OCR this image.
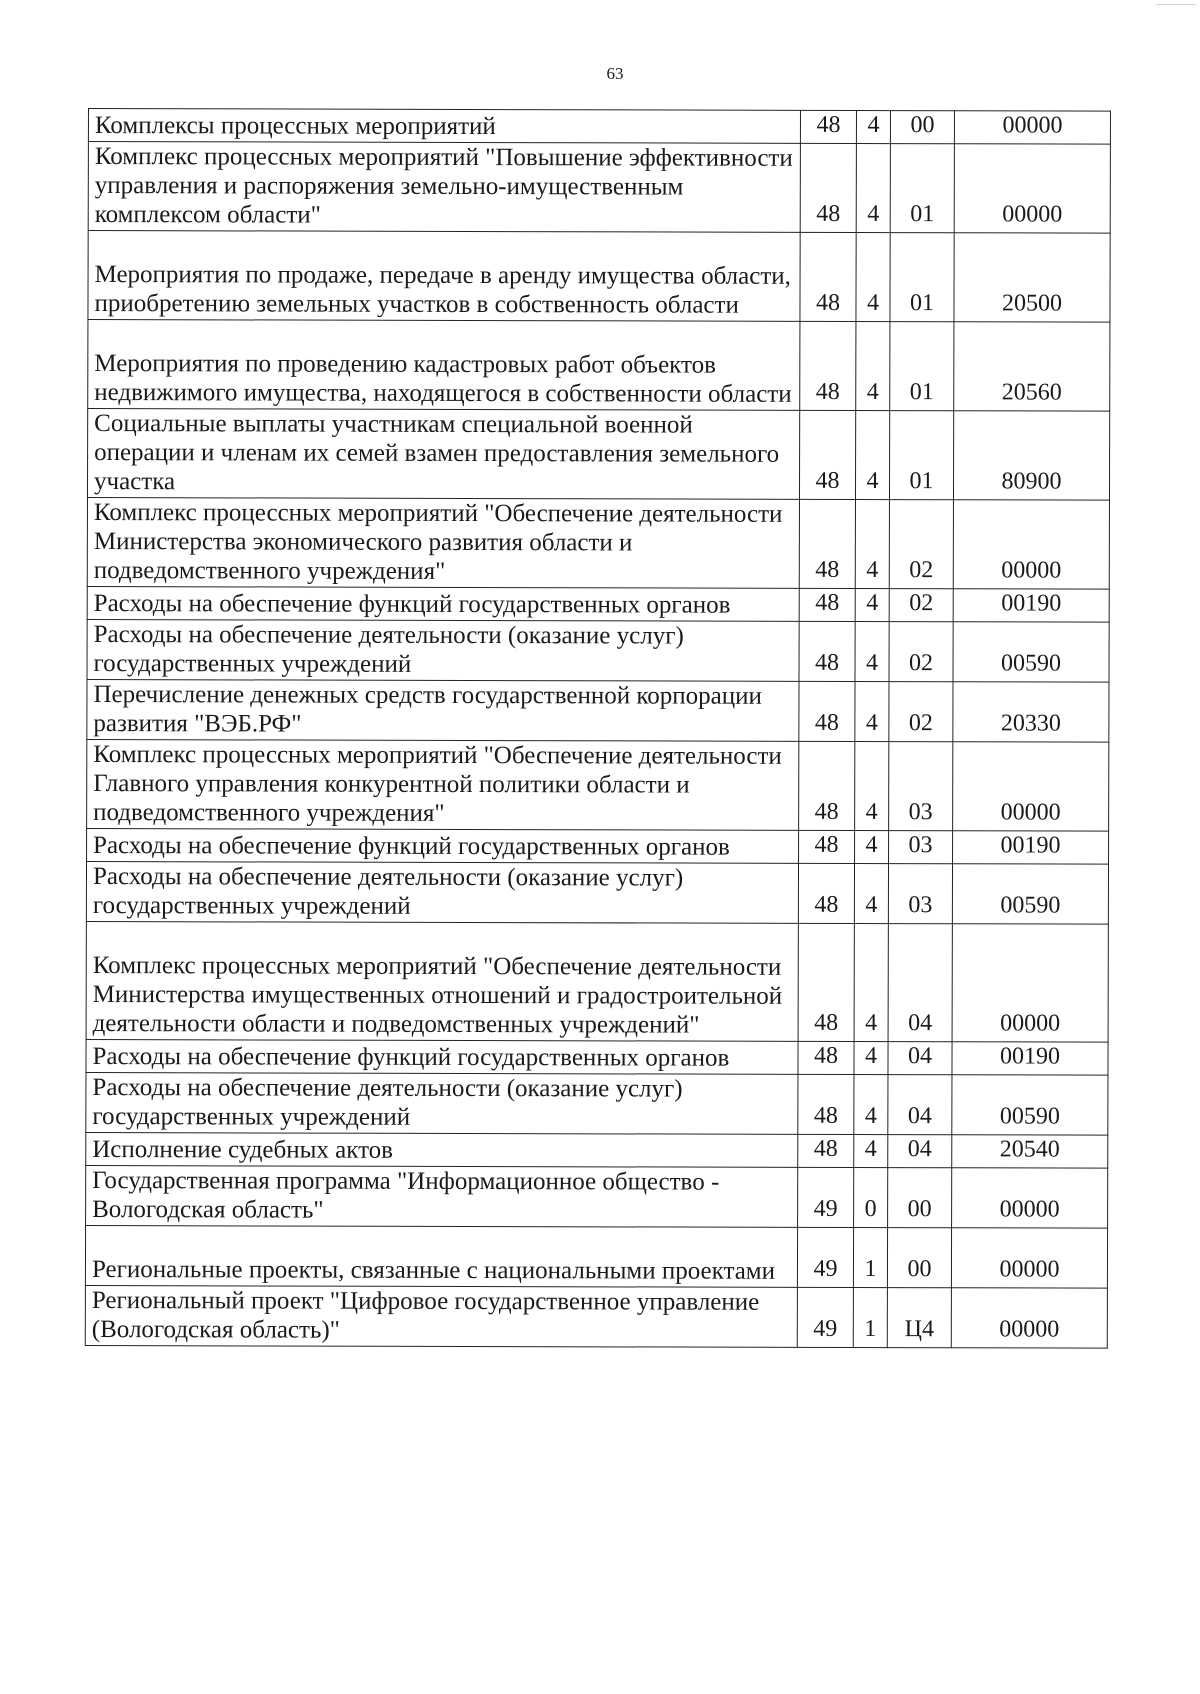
63
Комплексы процессных мероприятий	48	4	00	00000
Комплекс процессных мероприятий "Повышение эффективности управления и распоряжения земельно-имущественным комплексом области"	48	4	01	00000
Мероприятия по продаже, передаче в аренду имущества области, приобретению земельных участков в собственность области	48	4	01	20500
Мероприятия по проведению кадастровых работ объектов недвижимого имущества, находящегося в собственности области	48	4	01	20560
Социальные выплаты участникам специальной военной операции и членам их семей взамен предоставления земельного участка	48	4	01	80900
Комплекс процессных мероприятий "Обеспечение деятельности Министерства экономического развития области и подведомственного учреждения"	48	4	02	00000
Расходы на обеспечение функций государственных органов	48	4	02	00190
Расходы на обеспечение деятельности (оказание услуг) государственных учреждений	48	4	02	00590
Перечисление денежных средств государственной корпорации развития "ВЭБ.РФ"	48	4	02	20330
Комплекс процессных мероприятий "Обеспечение деятельности Главного управления конкурентной политики области и подведомственного учреждения"	48	4	03	00000
Расходы на обеспечение функций государственных органов	48	4	03	00190
Расходы на обеспечение деятельности (оказание услуг) государственных учреждений	48	4	03	00590
Комплекс процессных мероприятий "Обеспечение деятельности Министерства имущественных отношений и градостроительной деятельности области и подведомственных учреждений"	48	4	04	00000
Расходы на обеспечение функций государственных органов	48	4	04	00190
Расходы на обеспечение деятельности (оказание услуг) государственных учреждений	48	4	04	00590
Исполнение судебных актов	48	4	04	20540
Государственная программа "Информационное общество - Вологодская область"	49	0	00	00000
Региональные проекты, связанные с национальными проектами	49	1	00	00000
Региональный проект "Цифровое государственное управление (Вологодская область)"	49	1	Ц4	00000
